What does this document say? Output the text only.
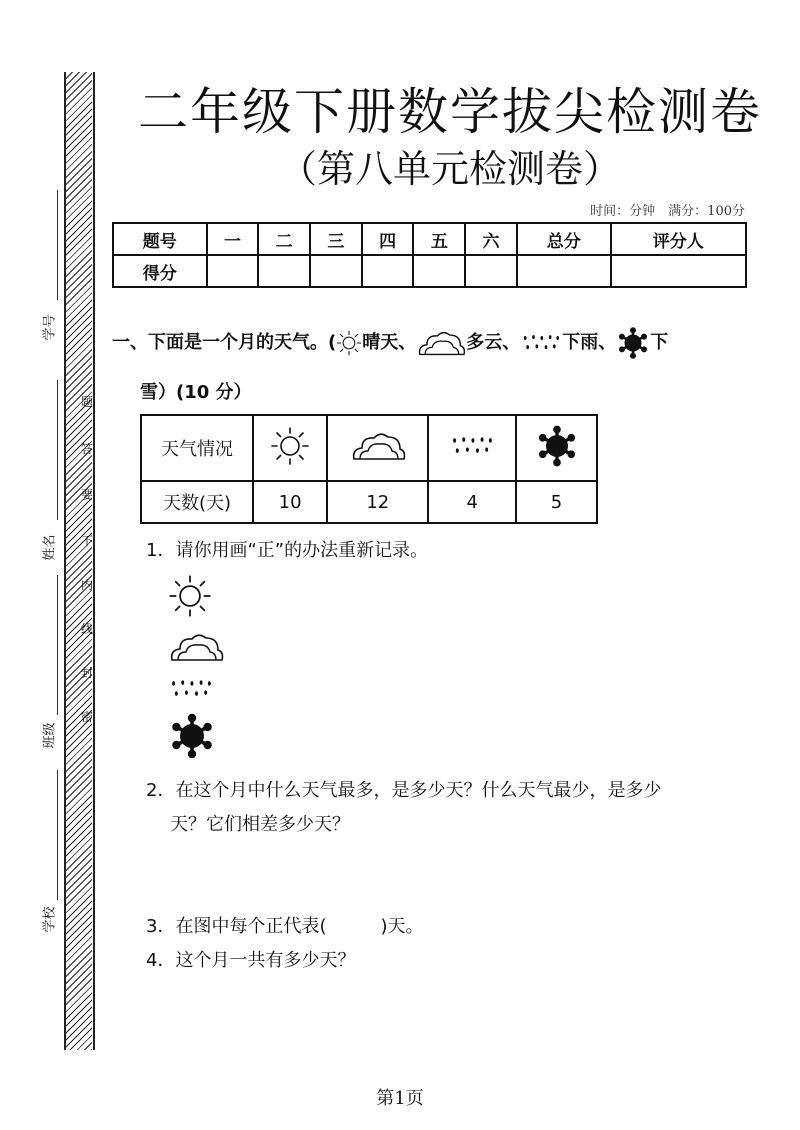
学号
姓名
班级
学校
题
答
要
不
内
线
封
密
二年级下册数学拔尖检测卷
（第八单元检测卷）
时间：分钟　满分：100分
题号	一	二	三	四	五	六	总分	评分人
得分								
一、下面是一个月的天气。( 晴天、	多云、 下雨、 下
雪）(10 分）
天气情况				
天数(天)	10	12	4	5
1．请你用画“正”的办法重新记录。
2．在这个月中什么天气最多，是多少天？什么天气最少，是多少
天？它们相差多少天？
3．在图中每个正代表(　　　)天。
4．这个月一共有多少天？
第1页
